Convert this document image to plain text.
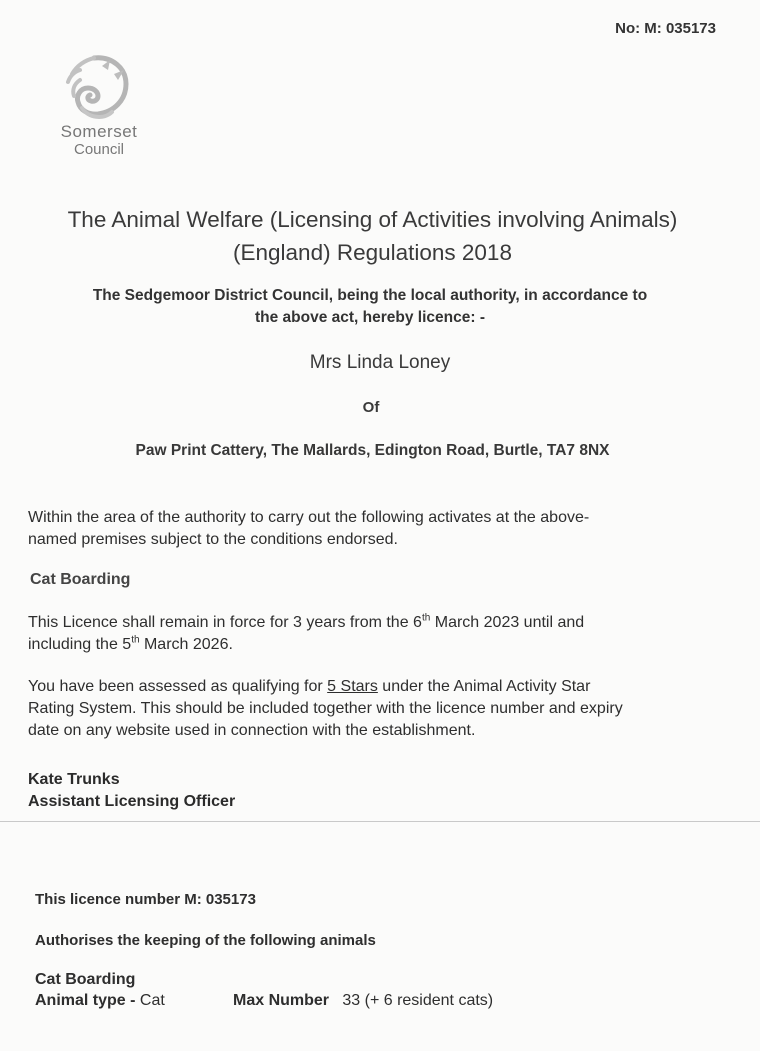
No: M: 035173
Somerset
Council
The Animal Welfare (Licensing of Activities involving Animals)
(England) Regulations 2018
The Sedgemoor District Council, being the local authority, in accordance to
the above act, hereby licence: -
Mrs Linda Loney
Of
Paw Print Cattery, The Mallards, Edington Road, Burtle, TA7 8NX
Within the area of the authority to carry out the following activates at the above-
named premises subject to the conditions endorsed.
Cat Boarding
This Licence shall remain in force for 3 years from the 6th March 2023 until and
including the 5th March 2026.
You have been assessed as qualifying for 5 Stars under the Animal Activity Star
Rating System. This should be included together with the licence number and expiry
date on any website used in connection with the establishment.
Kate Trunks
Assistant Licensing Officer
This licence number M: 035173
Authorises the keeping of the following animals
Cat Boarding
Animal type - Cat	Max Number 33 (+ 6 resident cats)
